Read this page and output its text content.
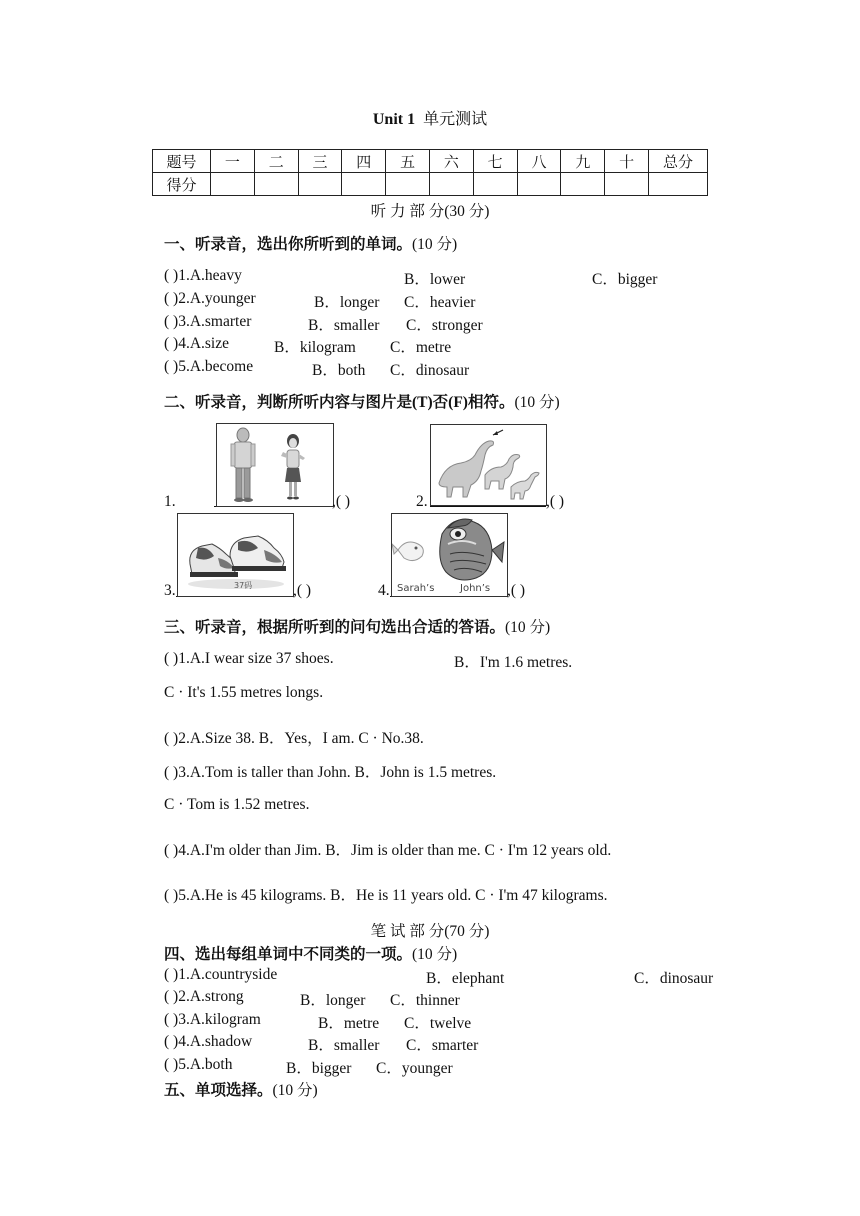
Unit 1 单元测试
题号	一	二	三	四	五	六	七	八	九	十	总分
得分											
听 力 部 分(30 分)
一、听录音，选出你所听到的单词。(10 分)
( )1.A.heavy	B．lower	C．bigger
( )2.A.younger	B．longer C．heavier
( )3.A.smarter	B．smaller C．stronger
( )4.A.size	B．kilogram C．metre
( )5.A.become	B．both C．dinosaur
二、听录音，判断所听内容与图片是(T)否(F)相符。(10 分)
1.	,( )	2.	,( )
3.	37码	,( )	4. Sarah’s	John’s ,( )
三、听录音，根据所听到的问句选出合适的答语。(10 分)
( )1.A.I wear size 37 shoes.	B．I'm 1.6 metres.
C · It's 1.55 metres longs.
( )2.A.Size 38. B．Yes，I am. C · No.38.
( )3.A.Tom is taller than John. B．John is 1.5 metres.
C · Tom is 1.52 metres.
( )4.A.I'm older than Jim. B．Jim is older than me. C · I'm 12 years old.
( )5.A.He is 45 kilograms. B．He is 11 years old. C · I'm 47 kilograms.
笔 试 部 分(70 分)
四、选出每组单词中不同类的一项。(10 分)
( )1.A.countryside	B．elephant	C．dinosaur
( )2.A.strong	B．longer C．thinner
( )3.A.kilogram	B．metre C．twelve
( )4.A.shadow	B．smaller C．smarter
( )5.A.both	B．bigger C．younger
五、单项选择。(10 分)
